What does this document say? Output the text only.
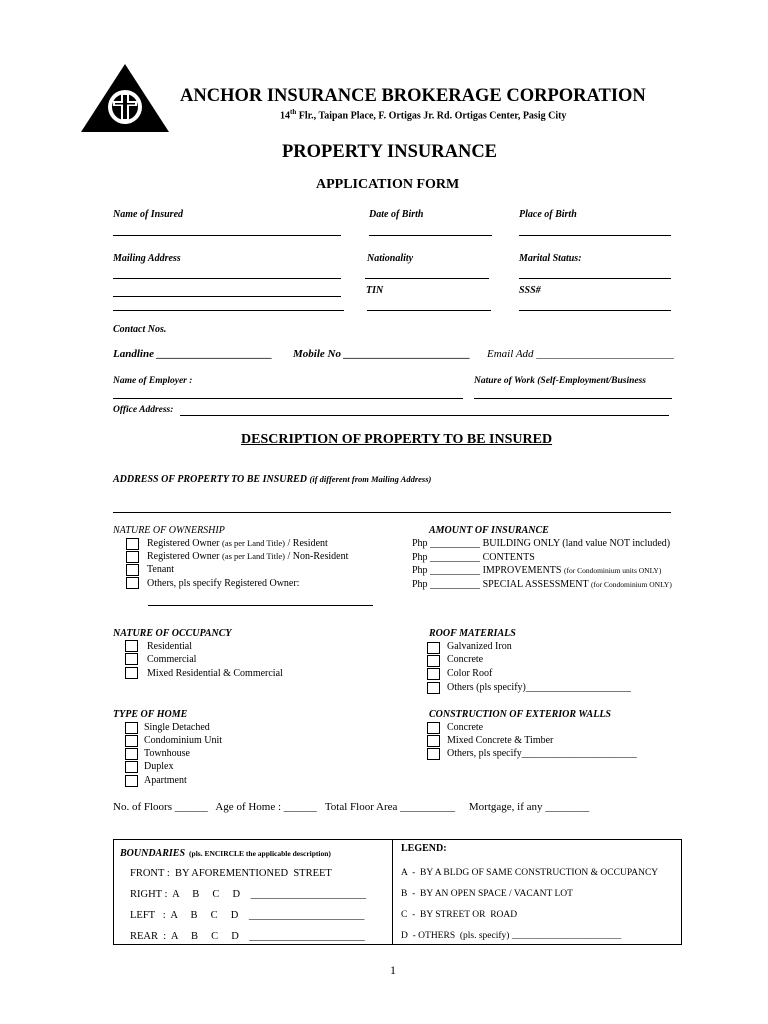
ANCHOR INSURANCE BROKERAGE CORPORATION
14th Flr., Taipan Place, F. Ortigas Jr. Rd. Ortigas Center, Pasig City
PROPERTY INSURANCE
APPLICATION FORM
Name of Insured	Date of Birth	Place of Birth
Mailing Address	Nationality	Marital Status:
TIN	SSS#
Contact Nos.
Landline _____________________ Mobile No _______________________ Email Add _________________________
Name of Employer :	Nature of Work (Self-Employment/Business
Office Address:
DESCRIPTION OF PROPERTY TO BE INSURED
ADDRESS OF PROPERTY TO BE INSURED (if different from Mailing Address)
NATURE OF OWNERSHIP
Registered Owner (as per Land Title) / Resident
Registered Owner (as per Land Title) / Non-Resident
Tenant
Others, pls specify Registered Owner:
AMOUNT OF INSURANCE
Php __________ BUILDING ONLY (land value NOT included)
Php __________ CONTENTS
Php __________ IMPROVEMENTS (for Condominium units ONLY)
Php __________ SPECIAL ASSESSMENT (for Condominium ONLY)
NATURE OF OCCUPANCY
Residential
Commercial
Mixed Residential & Commercial
ROOF MATERIALS
Galvanized Iron
Concrete
Color Roof
Others (pls specify)_____________________
TYPE OF HOME
Single Detached
Condominium Unit
Townhouse
Duplex
Apartment
CONSTRUCTION OF EXTERIOR WALLS
Concrete
Mixed Concrete & Timber
Others, pls specify_______________________
No. of Floors ______   Age of Home : ______   Total Floor Area __________     Mortgage, if any ________
BOUNDARIES (pls. ENCIRCLE the applicable description)
FRONT :  BY AFOREMENTIONED  STREET
RIGHT :  A     B     C     D    ______________________
LEFT   :  A     B     C     D    ______________________
REAR  :  A     B     C     D    ______________________
LEGEND:
A  -  BY A BLDG OF SAME CONSTRUCTION & OCCUPANCY
B  -  BY AN OPEN SPACE / VACANT LOT
C  -  BY STREET OR  ROAD
D  - OTHERS  (pls. specify) _______________________
1
